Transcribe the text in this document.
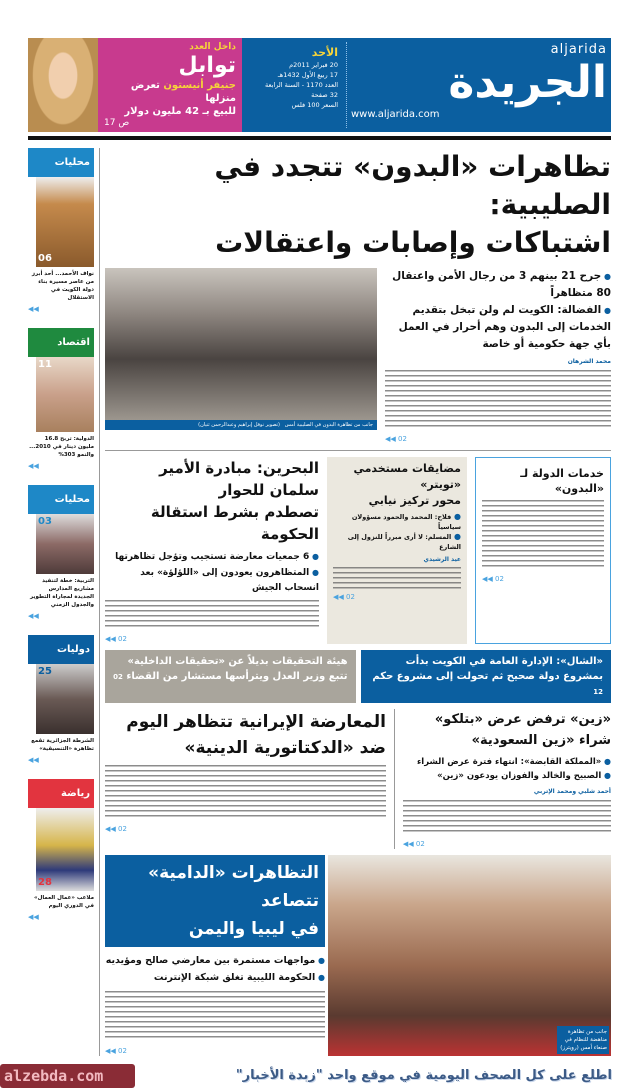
داخل العدد
توابل
جنيفر أنيستون تعرض منزلها
للبيع بـ 42 مليون دولار
ص 17
الأحد
20 فبراير 2011م
17 ربيع الأول 1432هـ
العدد 1170 - السنة الرابعة
32 صفحة
السعر 100 فلس
aljarida
الجريدة
www.aljarida.com
محليات
06
نواف الأحمد... أحد أبرز من عاصر مسيرة بناء دولة الكويت في الاستقلال
◀◀
اقتصاد
11
الدولية: تربح 16.8 مليون دينار في 2010... والنمو 303%
◀◀
محليات
03
التربية: خطة لتنفيذ مشاريع المدارس الجديدة لمجاراة التطوير والجدول الزمني
◀◀
دوليات
25
الشرطة الجزائرية تقمع تظاهرة «التنسيقية»
◀◀
رياضة
28
ملاعب «عمال العمال» في الدوري اليوم
◀◀
تظاهرات «البدون» تتجدد في الصليبية:
اشتباكات وإصابات واعتقالات
جانب من تظاهرة البدون في الصليبية أمس   (تصوير نوفل إبراهيم وعبدالرحمن ثنيان)
● جرح 21 بينهم 3 من رجال الأمن واعتقال 80 متظاهراً
● الفضالة: الكويت لم ولن تبخل بتقديم الخدمات إلى البدون وهم أحرار في العمل بأي جهة حكومية أو خاصة
محمد الشرهان
◀◀ 02
البحرين: مبادرة الأمير سلمان للحوار
تصطدم بشرط استقالة الحكومة
● 6 جمعيات معارضة تستجيب وتؤجل تظاهرتها
● المتظاهرون يعودون إلى «اللؤلؤة» بعد انسحاب الجيش
◀◀ 02
مضايقات مستخدمي «تويتر»
محور تركيز نيابي
● فلاح: المحمد والحمود مسؤولان سياسياً
● المسلم: لا أرى مبرراً للنزول إلى الشارع
عيد الرشيدي
◀◀ 02
خدمات الدولة لـ «البدون»
◀◀ 02
هيئة التحقيقات بديلاً عن «تحقيقات الداخلية» تتبع وزير العدل ويترأسها مستشار من القضاء 02
«الشال»: الإدارة العامة في الكويت بدأت بمشروع دولة صحيح ثم تحولت إلى مشروع حكم 12
المعارضة الإيرانية تتظاهر اليوم
ضد «الدكتاتورية الدينية»
◀◀ 02
«زين» ترفض عرض «بتلكو» شراء «زين السعودية»
● «المملكة القابضة»: انتهاء فترة عرض الشراء
● الصبيح والخالد والفوزان يودعون «زين»
أحمد شلبي ومحمد الإتربي
◀◀ 02
التظاهرات «الدامية» تتصاعد
في ليبيا واليمن
● مواجهات مستمرة بين معارضي صالح ومؤيديه
● الحكومة الليبية تغلق شبكة الإنترنت
◀◀ 02
جانب من تظاهرة مناهضة للنظام في صنعاء أمس (رويترز)
alzebda.com	اطلع على كل الصحف اليومية في موقع واحد "زبدة الأخبار"
